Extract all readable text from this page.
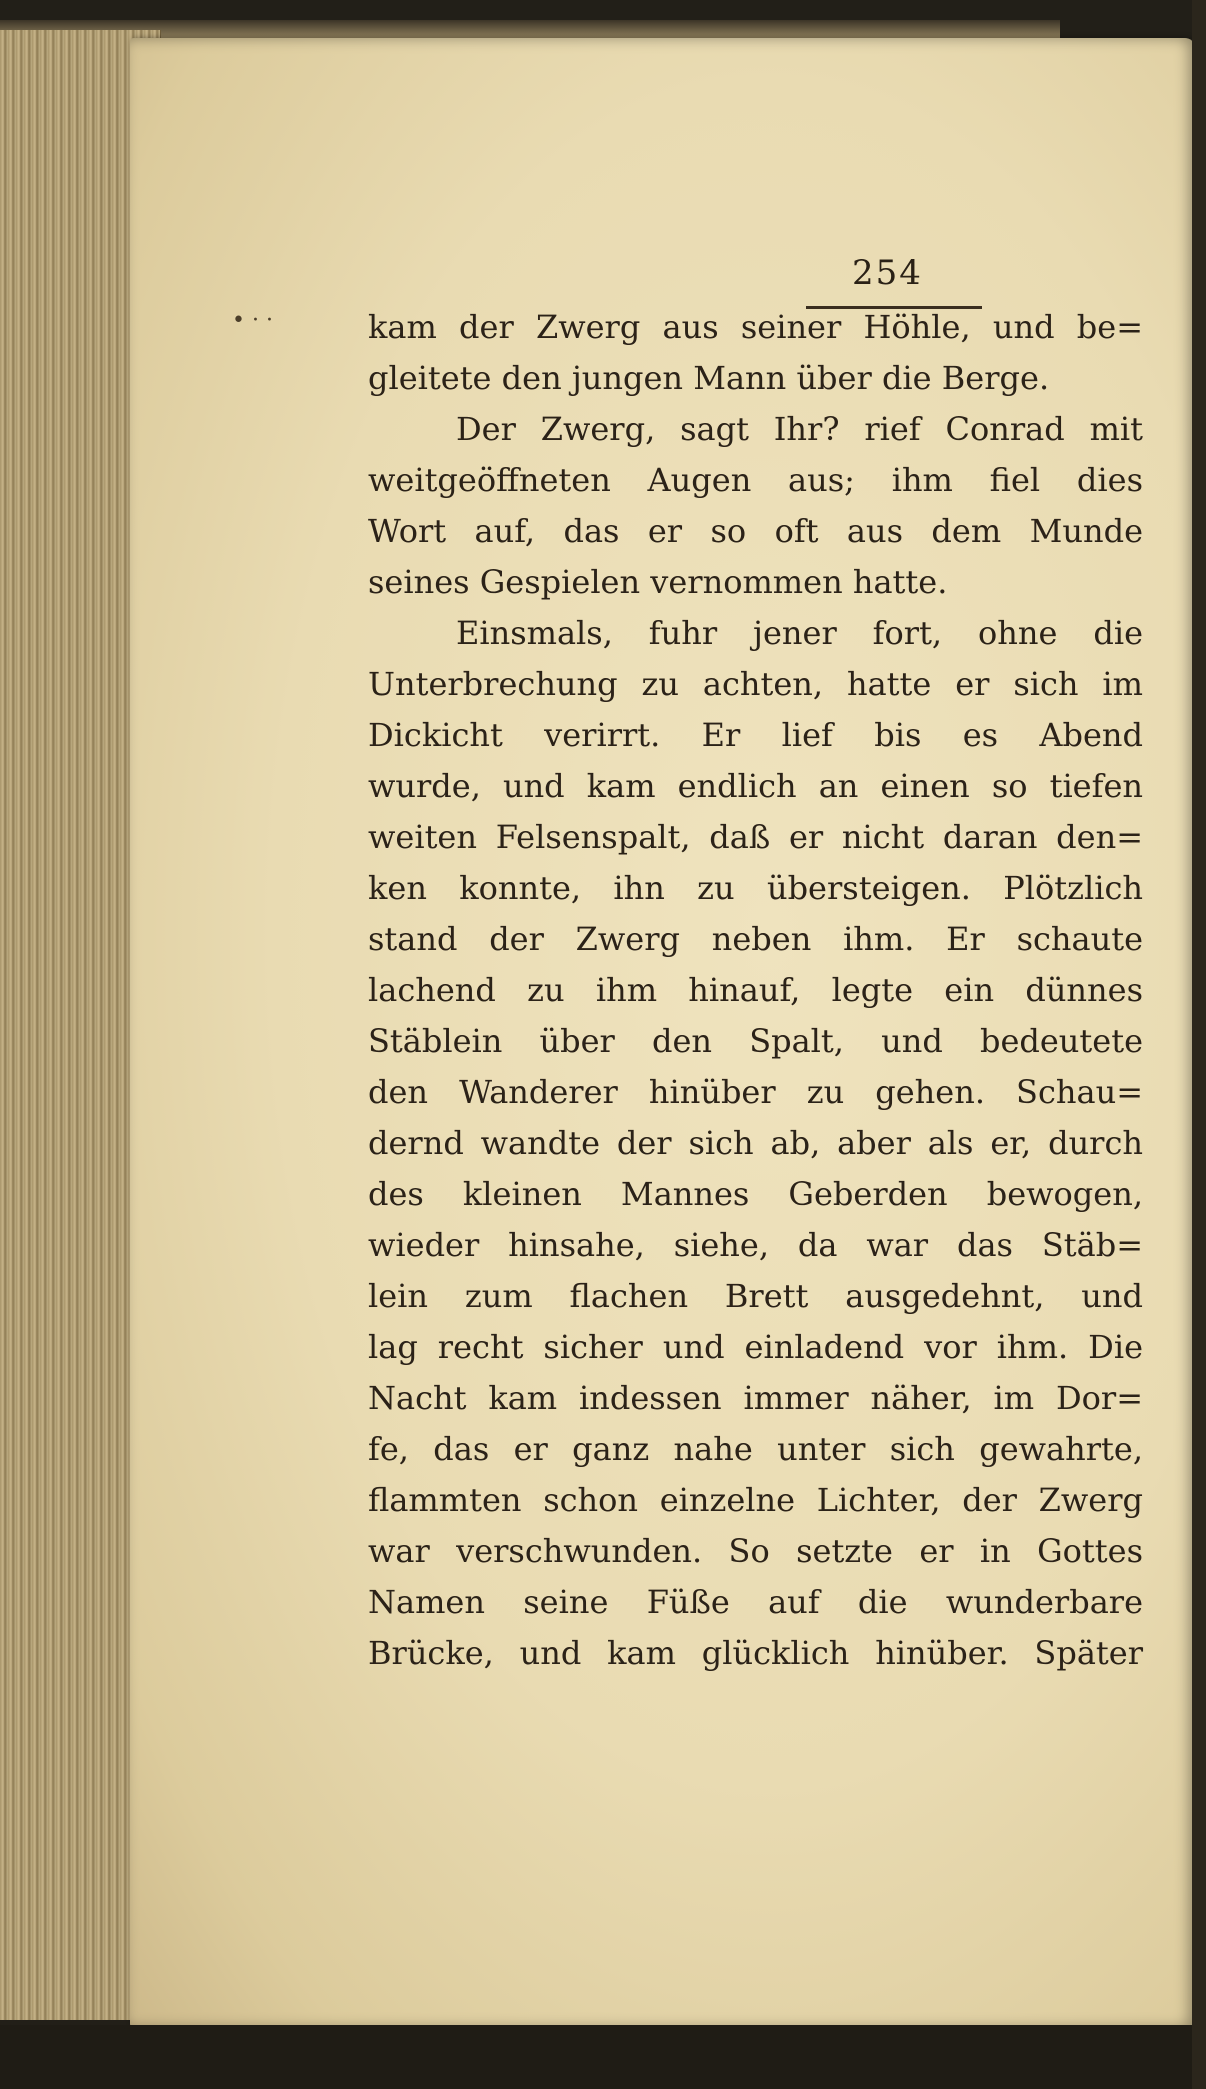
254
• · ·	kam der Zwerg aus seiner Höhle, und be=
gleitete den jungen Mann über die Berge.
Der Zwerg, sagt Ihr? rief Conrad mit
weitgeöffneten Augen aus; ihm fiel dies
Wort auf, das er so oft aus dem Munde
seines Gespielen vernommen hatte.
Einsmals, fuhr jener fort, ohne die
Unterbrechung zu achten, hatte er sich im
Dickicht verirrt. Er lief bis es Abend
wurde, und kam endlich an einen so tiefen
weiten Felsenspalt, daß er nicht daran den=
ken konnte, ihn zu übersteigen. Plötzlich
stand der Zwerg neben ihm. Er schaute
lachend zu ihm hinauf, legte ein dünnes
Stäblein über den Spalt, und bedeutete
den Wanderer hinüber zu gehen. Schau=
dernd wandte der sich ab, aber als er, durch
des kleinen Mannes Geberden bewogen,
wieder hinsahe, siehe, da war das Stäb=
lein zum flachen Brett ausgedehnt, und
lag recht sicher und einladend vor ihm. Die
Nacht kam indessen immer näher, im Dor=
fe, das er ganz nahe unter sich gewahrte,
flammten schon einzelne Lichter, der Zwerg
war verschwunden. So setzte er in Gottes
Namen seine Füße auf die wunderbare
Brücke, und kam glücklich hinüber. Später
